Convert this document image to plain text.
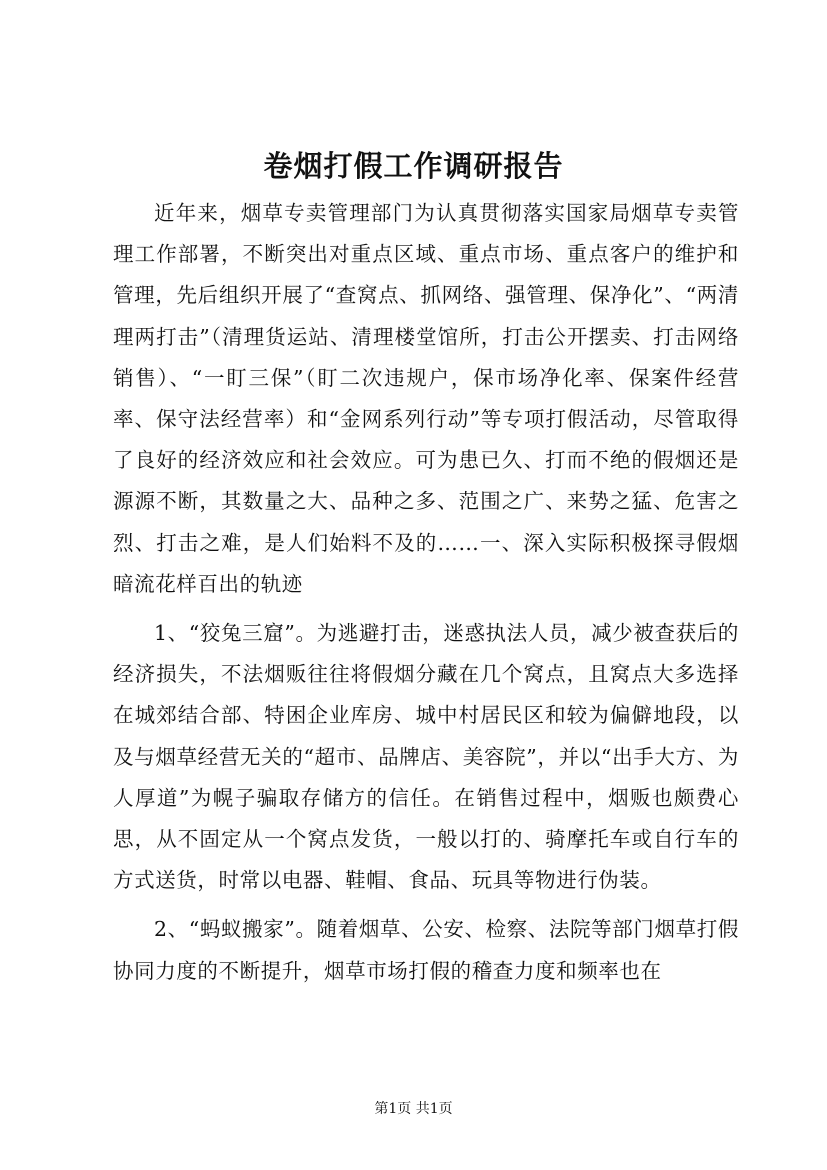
卷烟打假工作调研报告

近年来，烟草专卖管理部门为认真贯彻落实国家局烟草专卖管理工作部署，不断突出对重点区域、重点市场、重点客户的维护和管理，先后组织开展了“查窝点、抓网络、强管理、保净化”、“两清理两打击”（清理货运站、清理楼堂馆所，打击公开摆卖、打击网络销售）、“一盯三保”（盯二次违规户，保市场净化率、保案件经营率、保守法经营率）和“金网系列行动”等专项打假活动，尽管取得了良好的经济效应和社会效应。可为患已久、打而不绝的假烟还是源源不断，其数量之大、品种之多、范围之广、来势之猛、危害之烈、打击之难，是人们始料不及的……一、深入实际积极探寻假烟暗流花样百出的轨迹

1、“狡兔三窟”。为逃避打击，迷惑执法人员，减少被查获后的经济损失，不法烟贩往往将假烟分藏在几个窝点，且窝点大多选择在城郊结合部、特困企业库房、城中村居民区和较为偏僻地段，以及与烟草经营无关的“超市、品牌店、美容院”，并以“出手大方、为人厚道”为幌子骗取存储方的信任。在销售过程中，烟贩也颇费心思，从不固定从一个窝点发货，一般以打的、骑摩托车或自行车的方式送货，时常以电器、鞋帽、食品、玩具等物进行伪装。

2、“蚂蚁搬家”。随着烟草、公安、检察、法院等部门烟草打假协同力度的不断提升，烟草市场打假的稽查力度和频率也在

第1页 共1页
